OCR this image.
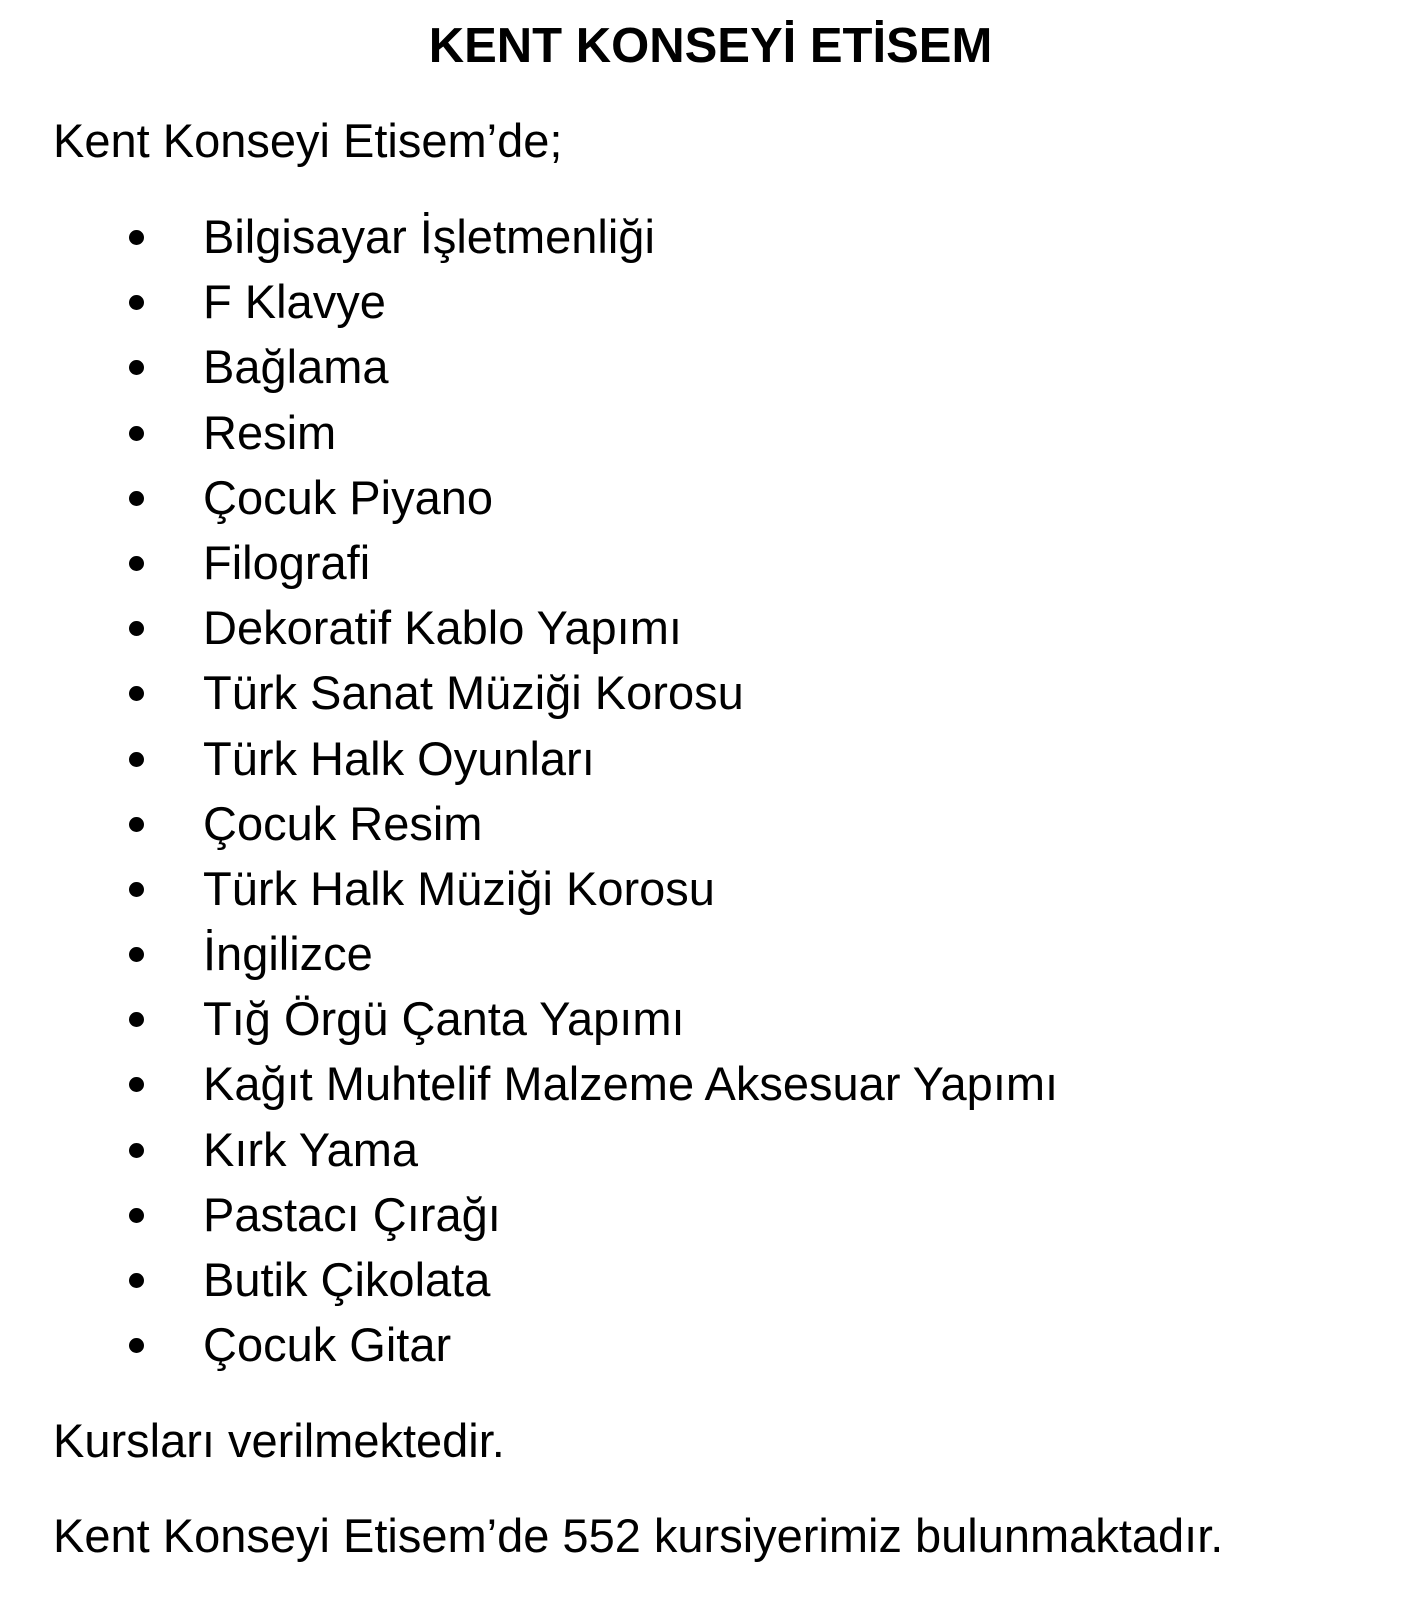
KENT KONSEYİ ETİSEM

Kent Konseyi Etisem’de;

Bilgisayar İşletmenliği
F Klavye
Bağlama
Resim
Çocuk Piyano
Filografi
Dekoratif Kablo Yapımı
Türk Sanat Müziği Korosu
Türk Halk Oyunları
Çocuk Resim
Türk Halk Müziği Korosu
İngilizce
Tığ Örgü Çanta Yapımı
Kağıt Muhtelif Malzeme Aksesuar Yapımı
Kırk Yama
Pastacı Çırağı
Butik Çikolata
Çocuk Gitar

Kursları verilmektedir.

Kent Konseyi Etisem’de 552 kursiyerimiz bulunmaktadır.
